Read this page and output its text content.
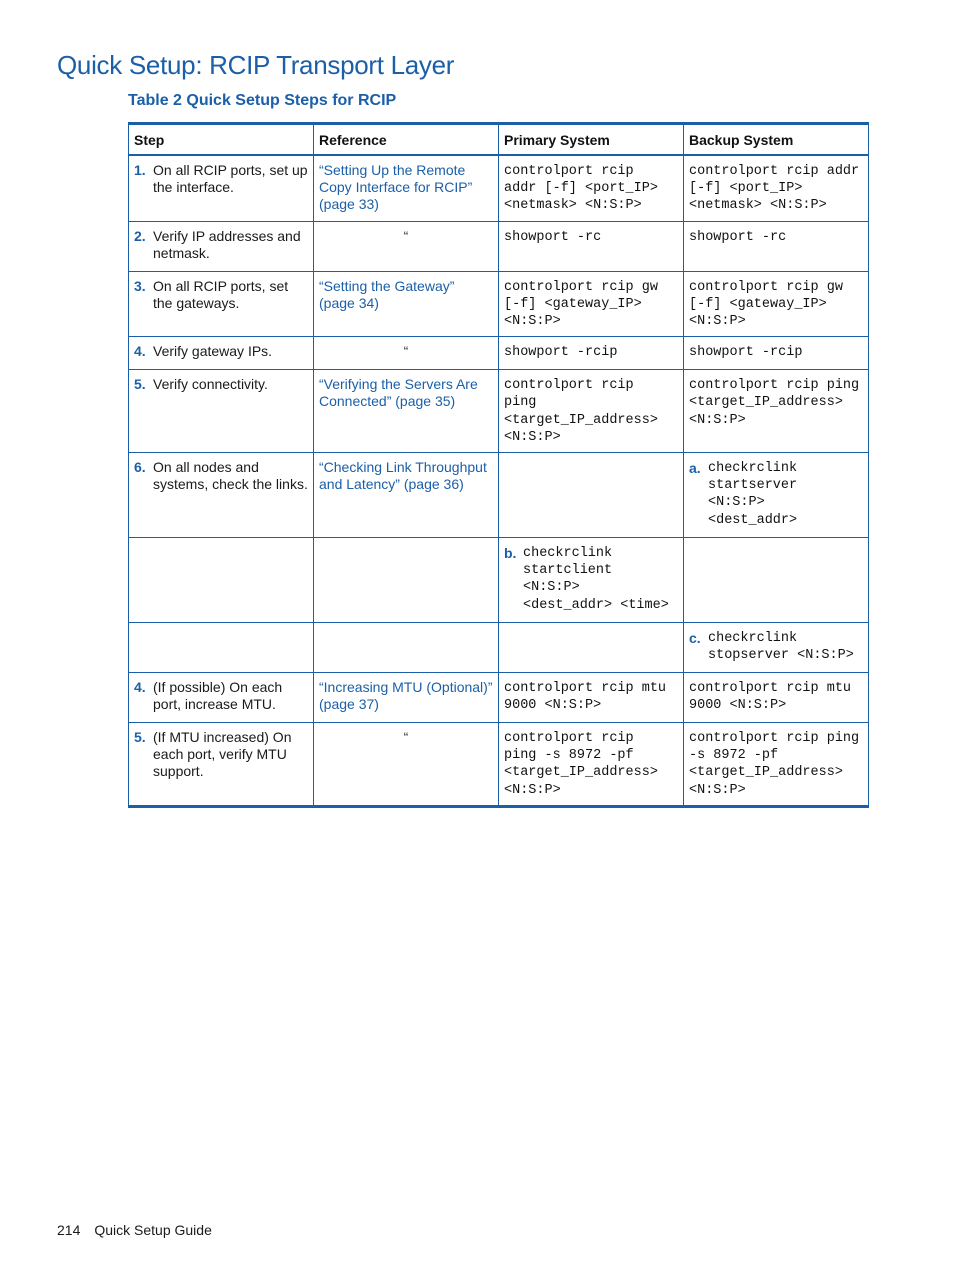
Quick Setup: RCIP Transport Layer
Table 2 Quick Setup Steps for RCIP
Step	Reference	Primary System	Backup System

1. On all RCIP ports, set up the interface.	“Setting Up the Remote Copy Interface for RCIP” (page 33)	controlport rcip
addr [-f] <port_IP>
<netmask> <N:S:P>	controlport rcip addr
[-f] <port_IP>
<netmask> <N:S:P>

2. Verify IP addresses and netmask.	“	showport -rc	showport -rc

3. On all RCIP ports, set the gateways.	“Setting the Gateway” (page 34)	controlport rcip gw
[-f] <gateway_IP>
<N:S:P>	controlport rcip gw
[-f] <gateway_IP>
<N:S:P>

4. Verify gateway IPs.	“	showport -rcip	showport -rcip

5. Verify connectivity.	“Verifying the Servers Are Connected” (page 35)	controlport rcip
ping
<target_IP_address>
<N:S:P>	controlport rcip ping
<target_IP_address>
<N:S:P>

6. On all nodes and systems, check the links.	“Checking Link Throughput and Latency” (page 36)		a. checkrclink
startserver
<N:S:P>
<dest_addr>

		b. checkrclink
startclient
<N:S:P>
<dest_addr> <time>	

			c. checkrclink
stopserver <N:S:P>

4. (If possible) On each port, increase MTU.	“Increasing MTU (Optional)” (page 37)	controlport rcip mtu
9000 <N:S:P>	controlport rcip mtu
9000 <N:S:P>

5. (If MTU increased) On each port, verify MTU support.	“	controlport rcip
ping -s 8972 -pf
<target_IP_address>
<N:S:P>	controlport rcip ping
-s 8972 -pf
<target_IP_address>
<N:S:P>
214 Quick Setup Guide
